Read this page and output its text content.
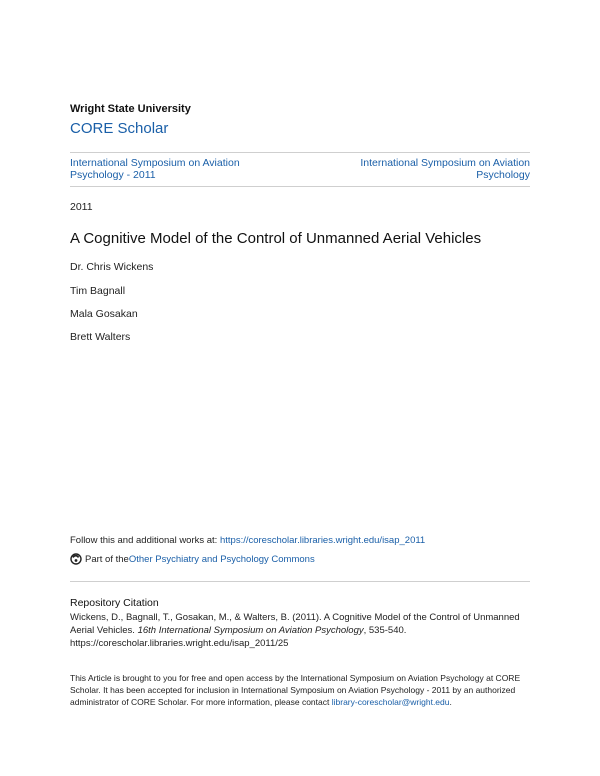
Wright State University
CORE Scholar
International Symposium on Aviation Psychology - 2011
International Symposium on Aviation Psychology
2011
A Cognitive Model of the Control of Unmanned Aerial Vehicles
Dr. Chris Wickens
Tim Bagnall
Mala Gosakan
Brett Walters
Follow this and additional works at: https://corescholar.libraries.wright.edu/isap_2011
Part of the Other Psychiatry and Psychology Commons
Repository Citation
Wickens, D., Bagnall, T., Gosakan, M., & Walters, B. (2011). A Cognitive Model of the Control of Unmanned Aerial Vehicles. 16th International Symposium on Aviation Psychology, 535-540.
https://corescholar.libraries.wright.edu/isap_2011/25
This Article is brought to you for free and open access by the International Symposium on Aviation Psychology at CORE Scholar. It has been accepted for inclusion in International Symposium on Aviation Psychology - 2011 by an authorized administrator of CORE Scholar. For more information, please contact library-corescholar@wright.edu.
